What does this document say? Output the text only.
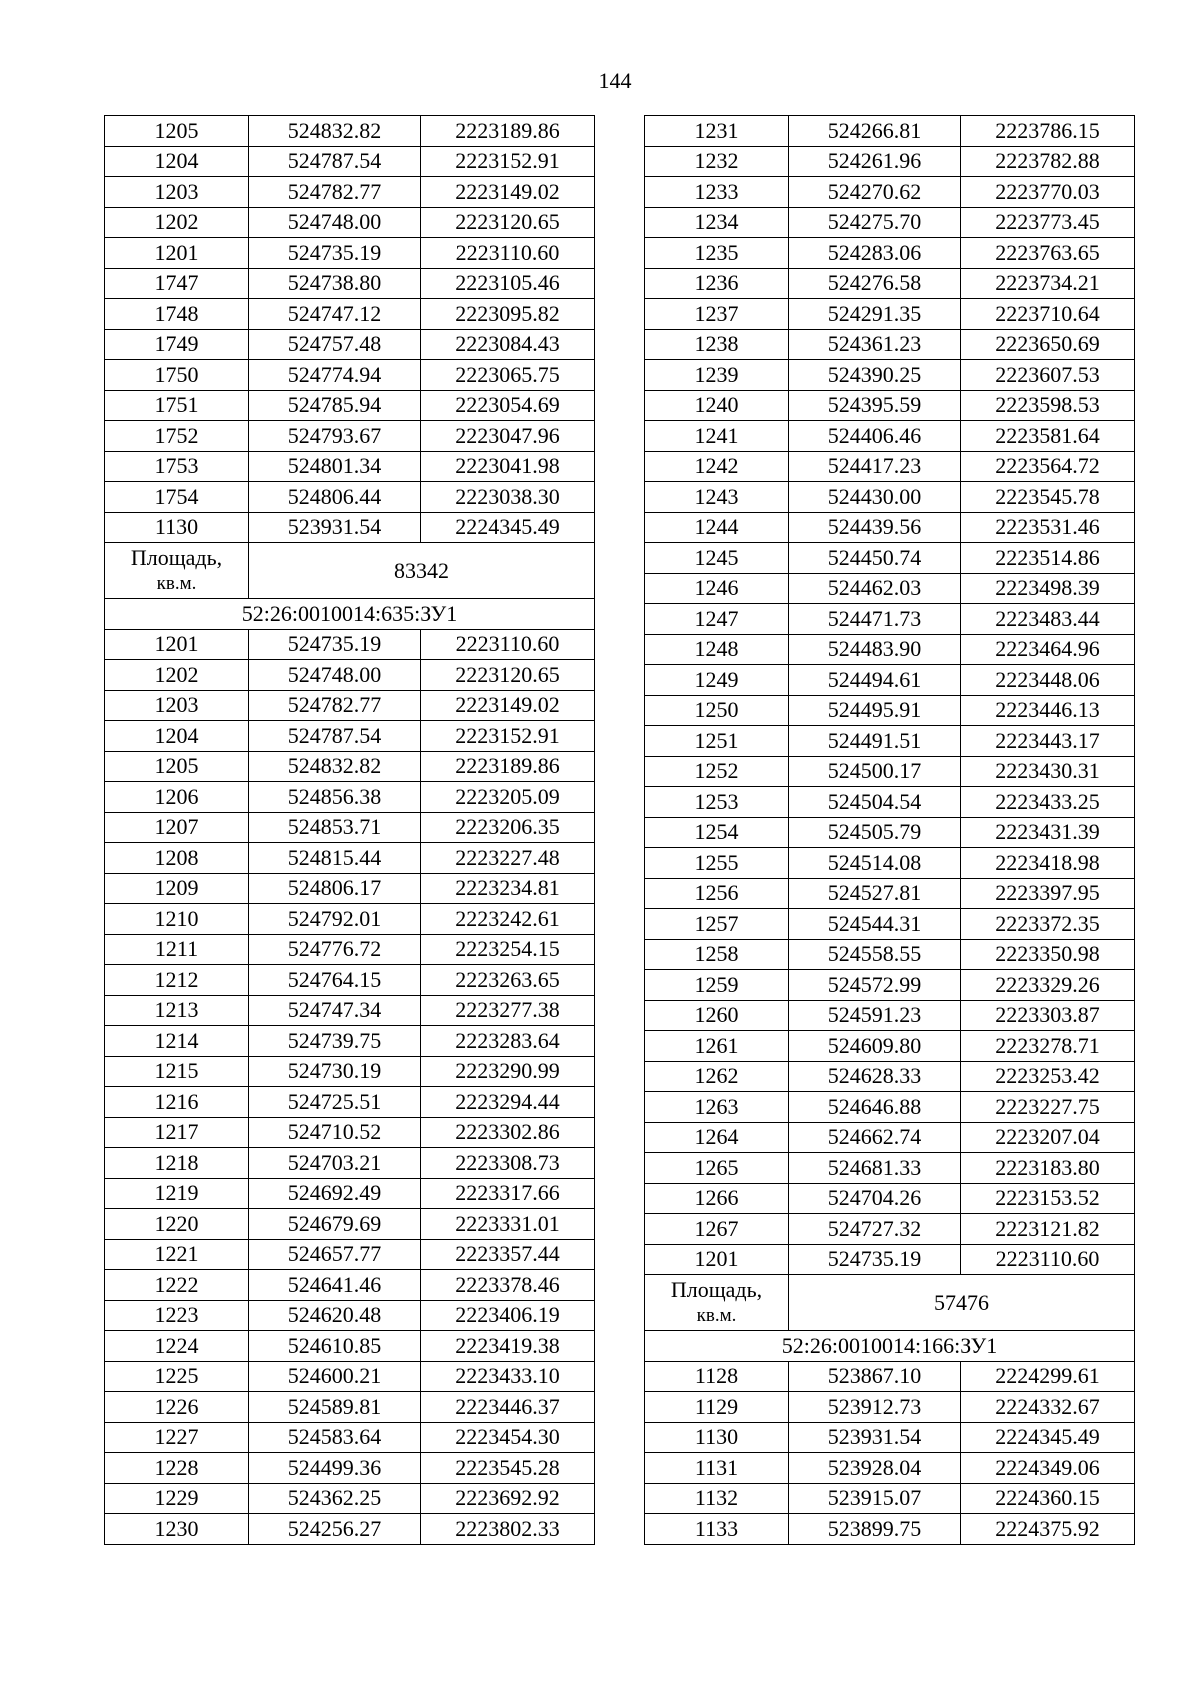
144
1205	524832.82	2223189.86
1204	524787.54	2223152.91
1203	524782.77	2223149.02
1202	524748.00	2223120.65
1201	524735.19	2223110.60
1747	524738.80	2223105.46
1748	524747.12	2223095.82
1749	524757.48	2223084.43
1750	524774.94	2223065.75
1751	524785.94	2223054.69
1752	524793.67	2223047.96
1753	524801.34	2223041.98
1754	524806.44	2223038.30
1130	523931.54	2224345.49
Площадь,
кв.м.	83342	
52:26:0010014:635:ЗУ1		
1201	524735.19	2223110.60
1202	524748.00	2223120.65
1203	524782.77	2223149.02
1204	524787.54	2223152.91
1205	524832.82	2223189.86
1206	524856.38	2223205.09
1207	524853.71	2223206.35
1208	524815.44	2223227.48
1209	524806.17	2223234.81
1210	524792.01	2223242.61
1211	524776.72	2223254.15
1212	524764.15	2223263.65
1213	524747.34	2223277.38
1214	524739.75	2223283.64
1215	524730.19	2223290.99
1216	524725.51	2223294.44
1217	524710.52	2223302.86
1218	524703.21	2223308.73
1219	524692.49	2223317.66
1220	524679.69	2223331.01
1221	524657.77	2223357.44
1222	524641.46	2223378.46
1223	524620.48	2223406.19
1224	524610.85	2223419.38
1225	524600.21	2223433.10
1226	524589.81	2223446.37
1227	524583.64	2223454.30
1228	524499.36	2223545.28
1229	524362.25	2223692.92
1230	524256.27	2223802.33
1231	524266.81	2223786.15
1232	524261.96	2223782.88
1233	524270.62	2223770.03
1234	524275.70	2223773.45
1235	524283.06	2223763.65
1236	524276.58	2223734.21
1237	524291.35	2223710.64
1238	524361.23	2223650.69
1239	524390.25	2223607.53
1240	524395.59	2223598.53
1241	524406.46	2223581.64
1242	524417.23	2223564.72
1243	524430.00	2223545.78
1244	524439.56	2223531.46
1245	524450.74	2223514.86
1246	524462.03	2223498.39
1247	524471.73	2223483.44
1248	524483.90	2223464.96
1249	524494.61	2223448.06
1250	524495.91	2223446.13
1251	524491.51	2223443.17
1252	524500.17	2223430.31
1253	524504.54	2223433.25
1254	524505.79	2223431.39
1255	524514.08	2223418.98
1256	524527.81	2223397.95
1257	524544.31	2223372.35
1258	524558.55	2223350.98
1259	524572.99	2223329.26
1260	524591.23	2223303.87
1261	524609.80	2223278.71
1262	524628.33	2223253.42
1263	524646.88	2223227.75
1264	524662.74	2223207.04
1265	524681.33	2223183.80
1266	524704.26	2223153.52
1267	524727.32	2223121.82
1201	524735.19	2223110.60
Площадь,
кв.м.	57476	
52:26:0010014:166:ЗУ1		
1128	523867.10	2224299.61
1129	523912.73	2224332.67
1130	523931.54	2224345.49
1131	523928.04	2224349.06
1132	523915.07	2224360.15
1133	523899.75	2224375.92
